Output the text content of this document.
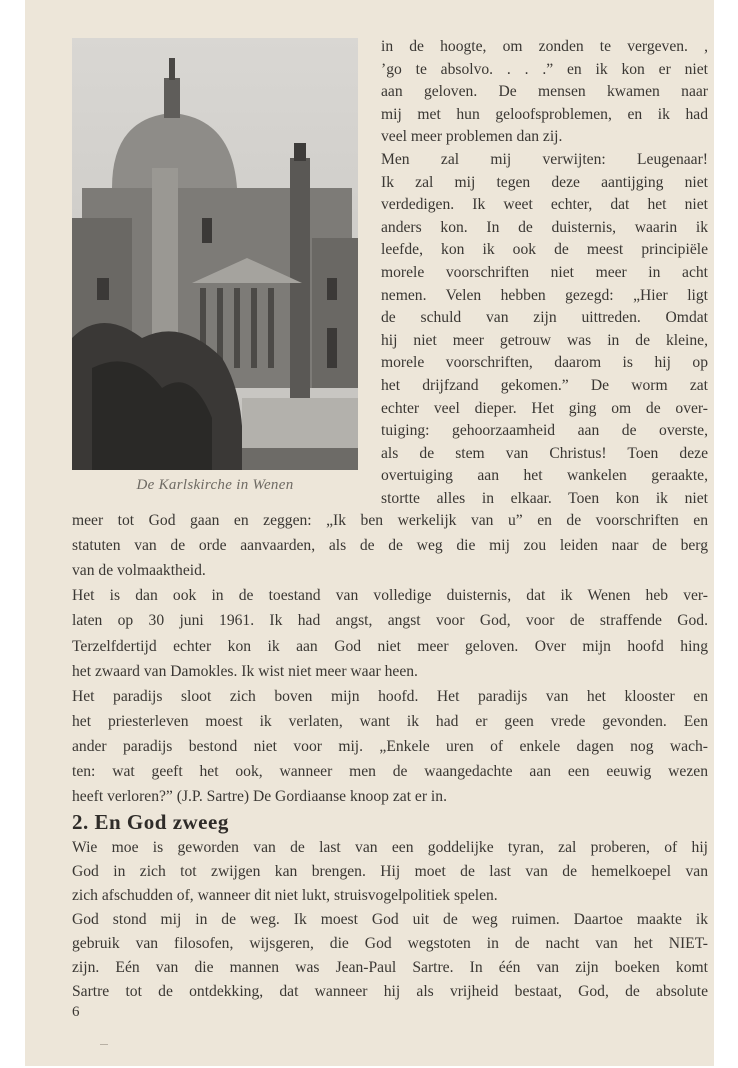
De Karlskirche in Wenen
in de hoogte, om zonden te vergeven. ,
’go te absolvo. . . .” en ik kon er niet
aan geloven. De mensen kwamen naar
mij met hun geloofsproblemen, en ik had
veel meer problemen dan zij.
Men zal mij verwijten: Leugenaar!
Ik zal mij tegen deze aantijging niet
verdedigen. Ik weet echter, dat het niet
anders kon. In de duisternis, waarin ik
leefde, kon ik ook de meest principiële
morele voorschriften niet meer in acht
nemen. Velen hebben gezegd: „Hier ligt
de schuld van zijn uittreden. Omdat
hij niet meer getrouw was in de kleine,
morele voorschriften, daarom is hij op
het drijfzand gekomen.” De worm zat
echter veel dieper. Het ging om de over-
tuiging: gehoorzaamheid aan de overste,
als de stem van Christus! Toen deze
overtuiging aan het wankelen geraakte,
stortte alles in elkaar. Toen kon ik niet
meer tot God gaan en zeggen: „Ik ben werkelijk van u” en de voorschriften en
statuten van de orde aanvaarden, als de de weg die mij zou leiden naar de berg
van de volmaaktheid.
Het is dan ook in de toestand van volledige duisternis, dat ik Wenen heb ver-
laten op 30 juni 1961. Ik had angst, angst voor God, voor de straffende God.
Terzelfdertijd echter kon ik aan God niet meer geloven. Over mijn hoofd hing
het zwaard van Damokles. Ik wist niet meer waar heen.
Het paradijs sloot zich boven mijn hoofd. Het paradijs van het klooster en
het priesterleven moest ik verlaten, want ik had er geen vrede gevonden. Een
ander paradijs bestond niet voor mij. „Enkele uren of enkele dagen nog wach-
ten: wat geeft het ook, wanneer men de waangedachte aan een eeuwig wezen
heeft verloren?” (J.P. Sartre) De Gordiaanse knoop zat er in.
2. En God zweeg
Wie moe is geworden van de last van een goddelijke tyran, zal proberen, of hij
God in zich tot zwijgen kan brengen. Hij moet de last van de hemelkoepel van
zich afschudden of, wanneer dit niet lukt, struisvogelpolitiek spelen.
God stond mij in de weg. Ik moest God uit de weg ruimen. Daartoe maakte ik
gebruik van filosofen, wijsgeren, die God wegstoten in de nacht van het NIET-
zijn. Eén van die mannen was Jean-Paul Sartre. In één van zijn boeken komt
Sartre tot de ontdekking, dat wanneer hij als vrijheid bestaat, God, de absolute
6
